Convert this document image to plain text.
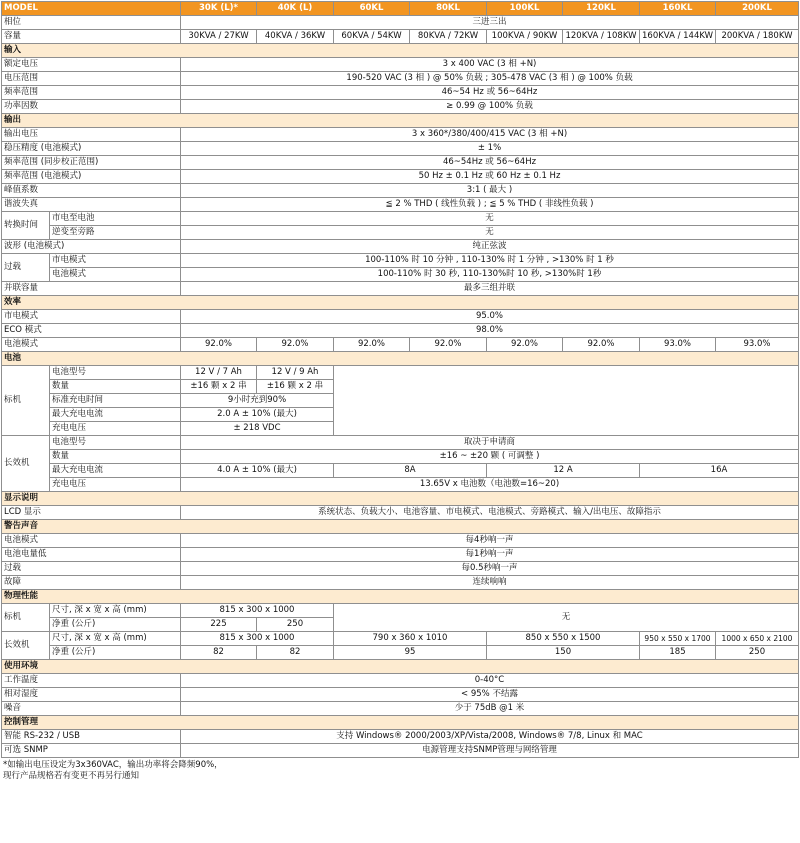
MODEL		30K (L)*	40K (L)	60KL	80KL	100KL	120KL	160KL	200KL
相位		三进三出							
容量		30KVA / 27KW	40KVA / 36KW	60KVA / 54KW	80KVA / 72KW	100KVA / 90KW	120KVA / 108KW	160KVA / 144KW	200KVA / 180KW
输入									
额定电压		3 x 400 VAC (3 相 +N)							
电压范围		190-520 VAC (3 相 ) @ 50% 负载 ; 305-478 VAC (3 相 ) @ 100% 负载							
频率范围		46~54 Hz 或 56~64Hz							
功率因数		≥ 0.99 @ 100% 负载							
输出									
输出电压		3 x 360*/380/400/415 VAC (3 相 +N)							
稳压精度 (电池模式)		± 1%							
频率范围 (同步校正范围)		46~54Hz 或 56~64Hz							
频率范围 (电池模式)		50 Hz ± 0.1 Hz 或 60 Hz ± 0.1 Hz							
峰值系数		3:1 ( 最大 )							
谐波失真		≦ 2 % THD ( 线性负载 ) ; ≦ 5 % THD ( 非线性负载 )							
转换时间	市电至电池	无							
	逆变至旁路	无							
波形 (电池模式)		纯正弦波							
过载	市电模式	100-110% 时 10 分钟 , 110-130% 时 1 分钟 , >130% 时 1 秒							
	电池模式	100-110% 时 30 秒, 110-130%时 10 秒, >130%时 1秒							
并联容量		最多三组并联							
效率									
市电模式		95.0%							
ECO 模式		98.0%							
电池模式		92.0%	92.0%	92.0%	92.0%	92.0%	92.0%	93.0%	93.0%
电池									
标机	电池型号	12 V / 7 Ah	12 V / 9 Ah						
	数量	±16 颗 x 2 串	±16 颗 x 2 串						
	标准充电时间	9小时充到90%							
	最大充电电流	2.0 A ± 10% (最大)							
	充电电压	± 218 VDC							
长效机	电池型号	取决于申请商							
	数量	±16 ~ ±20 颗 ( 可调整 )							
	最大充电电流	4.0 A ± 10% (最大)		8A		12 A		16A	
	充电电压	13.65V x 电池数（电池数=16~20)							
显示说明									
LCD 显示		系统状态、负载大小、电池容量、市电模式、电池模式、旁路模式、输入/出电压、故障指示							
警告声音									
电池模式		每4秒响一声							
电池电量低		每1秒响一声							
过载		每0.5秒响一声							
故障		连续响响							
物理性能									
标机	尺寸, 深 x 宽 x 高 (mm)	815 x 300 x 1000		无					
	净重 (公斤)	225	250						
长效机	尺寸, 深 x 宽 x 高 (mm)	815 x 300 x 1000		790 x 360 x 1010		850 x 550 x 1500		950 x 550 x 1700	1000 x 650 x 2100
	净重 (公斤)	82	82	95		150		185	250
使用环境									
工作温度		0-40°C							
相对湿度		< 95% 不结露							
噪音		少于 75dB @1 米							
控制管理									
智能 RS-232 / USB		支持 Windows® 2000/2003/XP/Vista/2008, Windows® 7/8, Linux 和 MAC							
可选 SNMP		电源管理支持SNMP管理与网络管理							
*如输出电压设定为3x360VAC，输出功率将会降频90%，
现行产品规格若有变更不再另行通知
